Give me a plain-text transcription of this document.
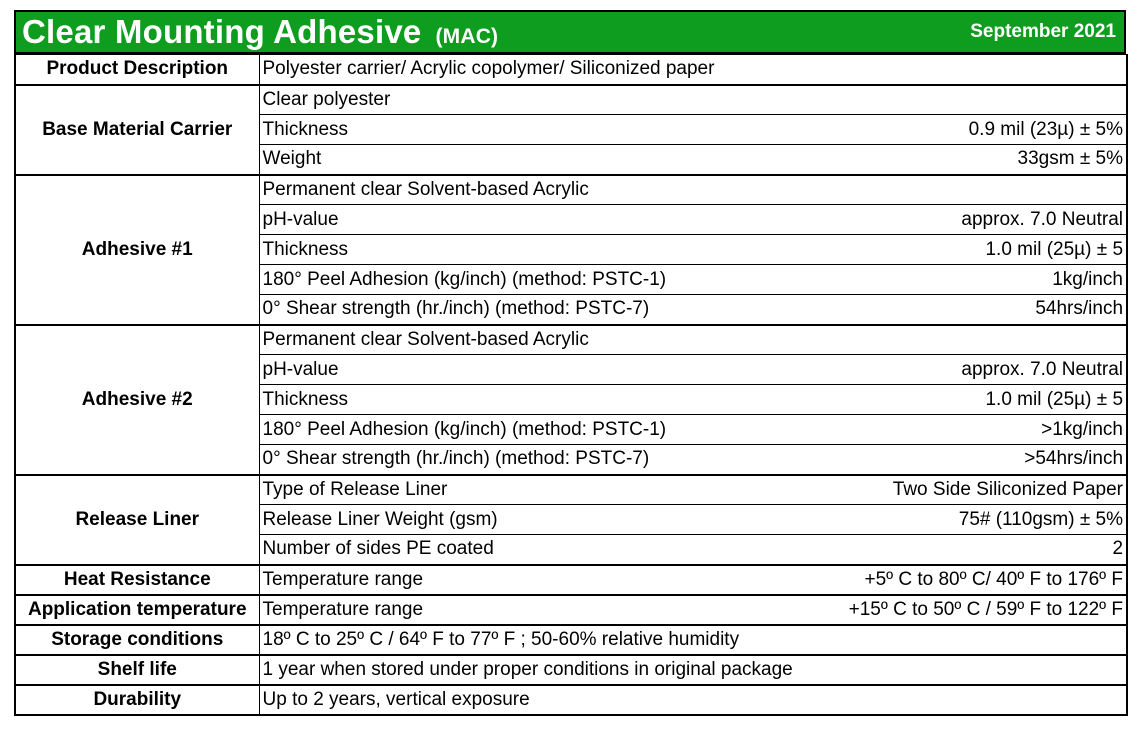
Clear Mounting Adhesive (MAC)	September 2021
Product Description	Polyester carrier/ Acrylic copolymer/ Siliconized paper	
Base Material Carrier	Clear polyester	
	Thickness	0.9 mil (23µ) ± 5%
	Weight	33gsm ± 5%
Adhesive #1	Permanent clear Solvent-based Acrylic	
	pH-value	approx. 7.0 Neutral
	Thickness	1.0 mil (25µ) ± 5
	180° Peel Adhesion (kg/inch) (method: PSTC-1)	1kg/inch
	0° Shear strength (hr./inch) (method: PSTC-7)	54hrs/inch
Adhesive #2	Permanent clear Solvent-based Acrylic	
	pH-value	approx. 7.0 Neutral
	Thickness	1.0 mil (25µ) ± 5
	180° Peel Adhesion (kg/inch) (method: PSTC-1)	>1kg/inch
	0° Shear strength (hr./inch) (method: PSTC-7)	>54hrs/inch
Release Liner	Type of Release Liner	Two Side Siliconized Paper
	Release Liner Weight (gsm)	75# (110gsm) ± 5%
	Number of sides PE coated	2
Heat Resistance	Temperature range	+5º C to 80º C/ 40º F to 176º F
Application temperature	Temperature range	+15º C to 50º C / 59º F to 122º F
Storage conditions	18º C to 25º C / 64º F to 77º F ; 50-60% relative humidity	
Shelf life	1 year when stored under proper conditions in original package	
Durability	Up to 2 years, vertical exposure	
